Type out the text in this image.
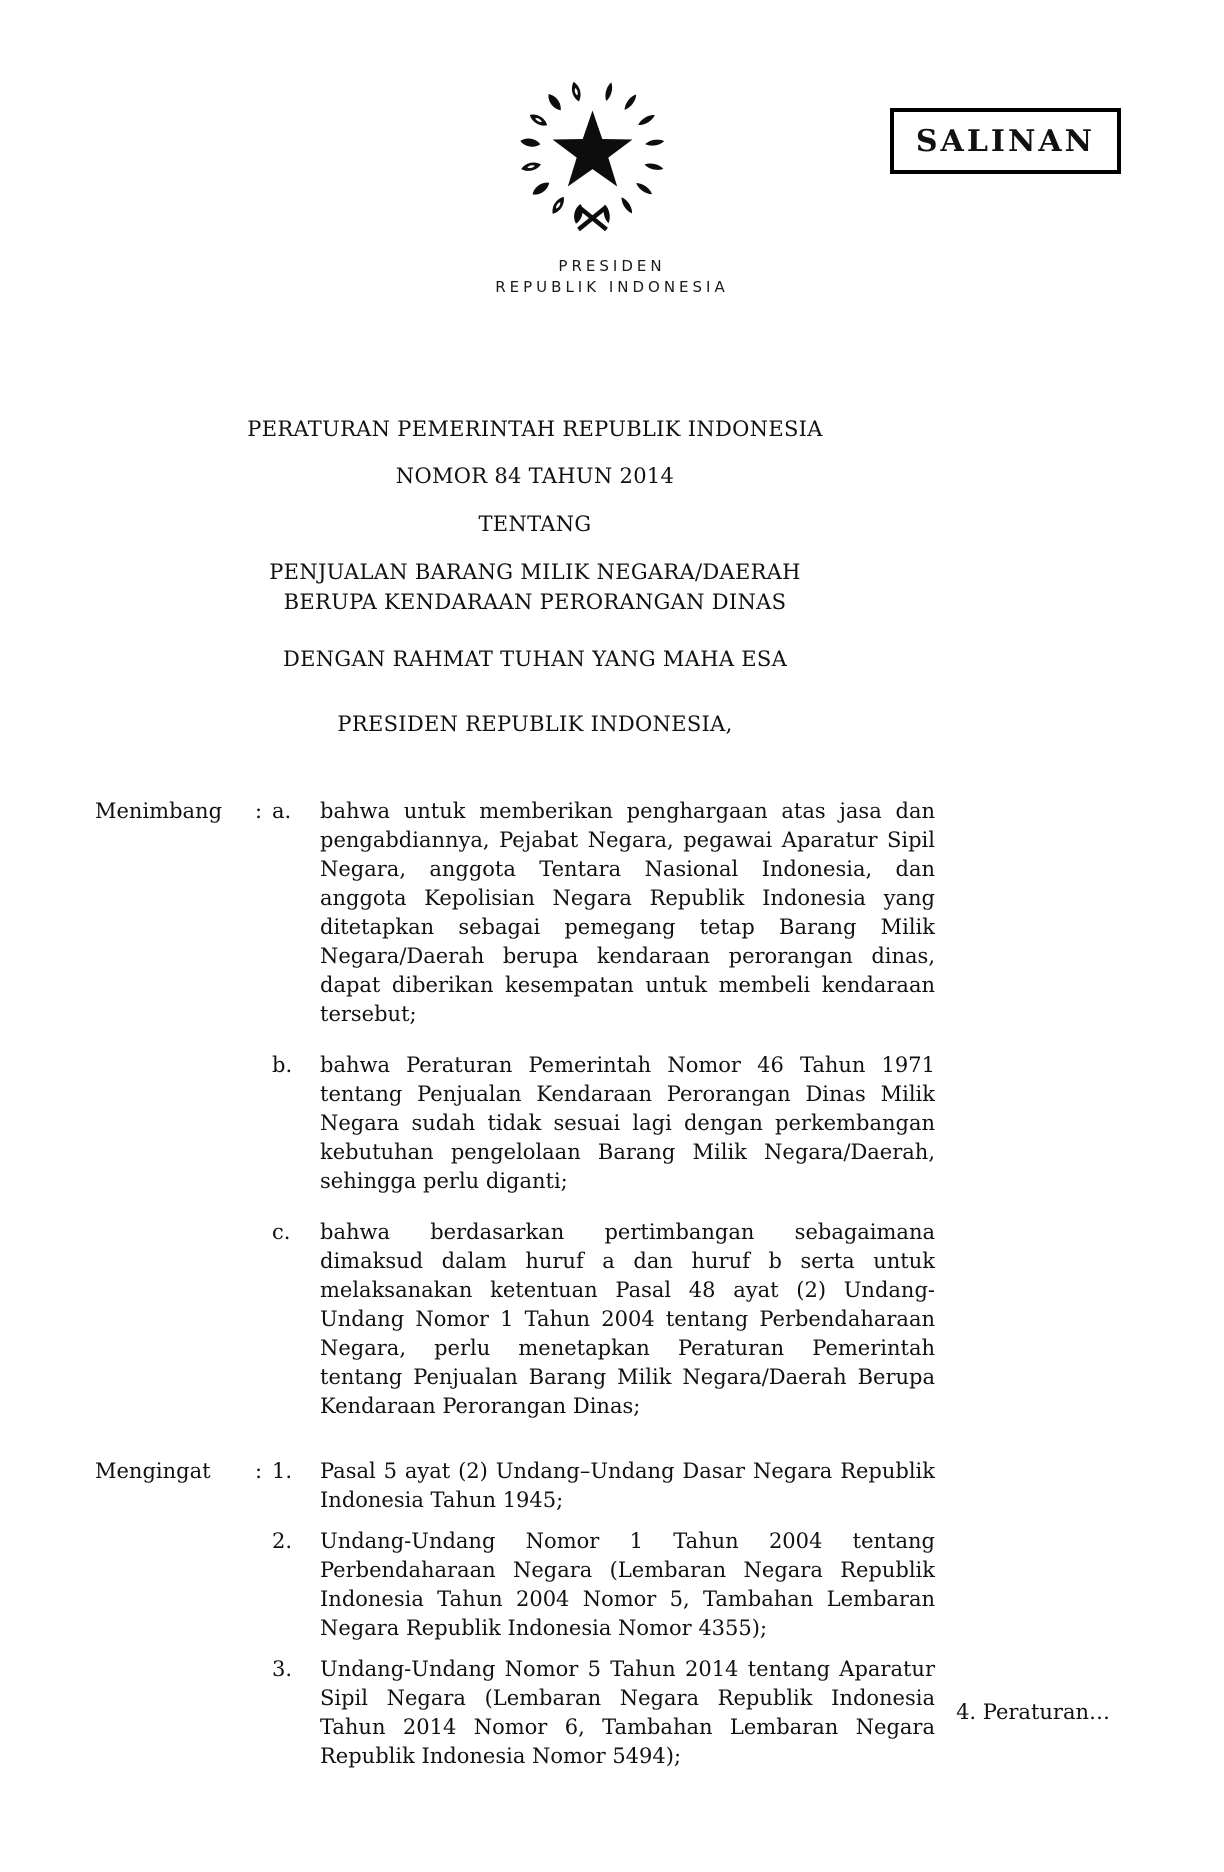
SALINAN
PRESIDEN
REPUBLIK INDONESIA
PERATURAN PEMERINTAH REPUBLIK INDONESIA
NOMOR 84 TAHUN 2014
TENTANG
PENJUALAN BARANG MILIK NEGARA/DAERAH
BERUPA KENDARAAN PERORANGAN DINAS
DENGAN RAHMAT TUHAN YANG MAHA ESA
PRESIDEN REPUBLIK INDONESIA,
Menimbang	: a.	bahwa untuk memberikan penghargaan atas jasa dan pengabdiannya, Pejabat Negara, pegawai Aparatur Sipil Negara, anggota Tentara Nasional Indonesia, dan anggota Kepolisian Negara Republik Indonesia yang ditetapkan sebagai pemegang tetap Barang Milik Negara/Daerah berupa kendaraan perorangan dinas, dapat diberikan kesempatan untuk membeli kendaraan tersebut;
b.	bahwa Peraturan Pemerintah Nomor 46 Tahun 1971 tentang Penjualan Kendaraan Perorangan Dinas Milik Negara sudah tidak sesuai lagi dengan perkembangan kebutuhan pengelolaan Barang Milik Negara/Daerah, sehingga perlu diganti;
c.	bahwa berdasarkan pertimbangan sebagaimana dimaksud dalam huruf a dan huruf b serta untuk melaksanakan ketentuan Pasal 48 ayat (2) Undang-Undang Nomor 1 Tahun 2004 tentang Perbendaharaan Negara, perlu menetapkan Peraturan Pemerintah tentang Penjualan Barang Milik Negara/Daerah Berupa Kendaraan Perorangan Dinas;
Mengingat	: 1.	Pasal 5 ayat (2) Undang–Undang Dasar Negara Republik Indonesia Tahun 1945;
2.	Undang-Undang Nomor 1 Tahun 2004 tentang Perbendaharaan Negara (Lembaran Negara Republik Indonesia Tahun 2004 Nomor 5, Tambahan Lembaran Negara Republik Indonesia Nomor 4355);
3.	Undang-Undang Nomor 5 Tahun 2014 tentang Aparatur Sipil Negara (Lembaran Negara Republik Indonesia Tahun 2014 Nomor 6, Tambahan Lembaran Negara Republik Indonesia Nomor 5494);
4. Peraturan…
